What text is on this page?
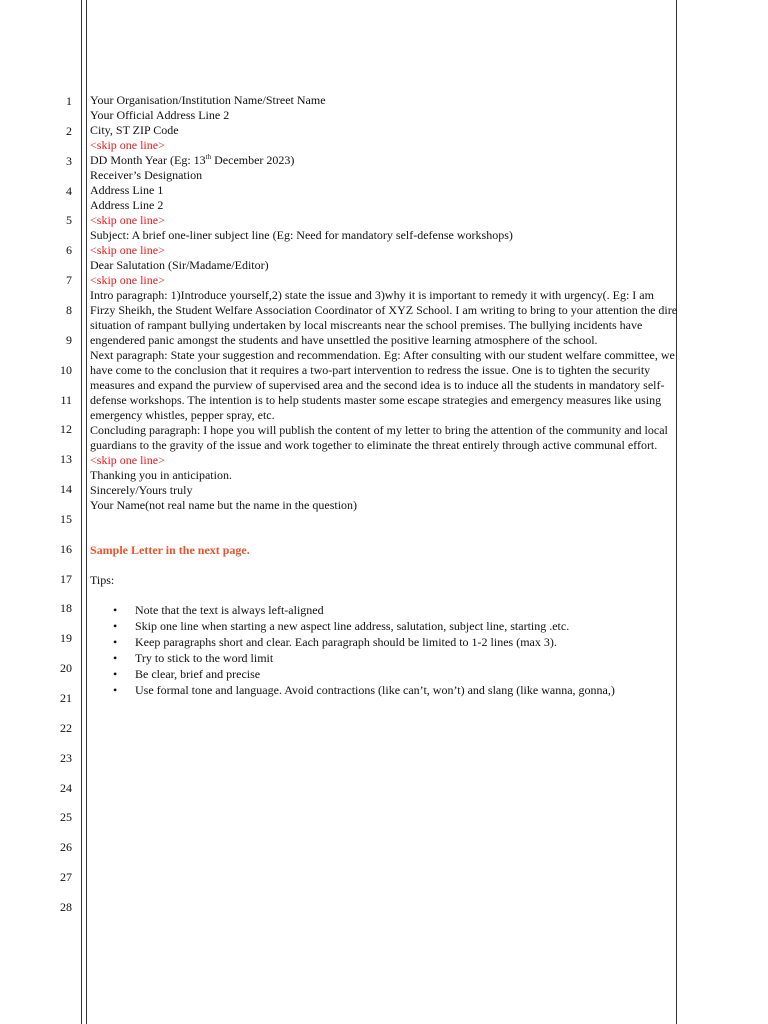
1
2
3
4
5
6
7
8
9
10
11
12
13
14
15
16
17
18
19
20
21
22
23
24
25
26
27
28

Your Organisation/Institution Name/Street Name

Your Official Address Line 2

City, ST ZIP Code

<skip one line>

DD Month Year (Eg: 13th December 2023)

Receiver’s Designation

Address Line 1

Address Line 2

<skip one line>

Subject: A brief one-liner subject line (Eg: Need for mandatory self-defense workshops)

<skip one line>

Dear Salutation (Sir/Madame/Editor)

<skip one line>

Intro paragraph: 1)Introduce yourself,2) state the issue and 3)why it is important to remedy it with urgency(. Eg: I am Firzy Sheikh, the Student Welfare Association Coordinator of XYZ School. I am writing to bring to your attention the dire situation of rampant bullying undertaken by local miscreants near the school premises. The bullying incidents have engendered panic amongst the students and have unsettled the positive learning atmosphere of the school.

Next paragraph: State your suggestion and recommendation. Eg: After consulting with our student welfare committee, we have come to the conclusion that it requires a two-part intervention to redress the issue. One is to tighten the security measures and expand the purview of supervised area and the second idea is to induce all the students in mandatory self-defense workshops. The intention is to help students master some escape strategies and emergency measures like using emergency whistles, pepper spray, etc.

Concluding paragraph: I hope you will publish the content of my letter to bring the attention of the community and local guardians to the gravity of the issue and work together to eliminate the threat entirely through active communal effort.

<skip one line>

Thanking you in anticipation.

Sincerely/Yours truly

Your Name(not real name but the name in the question)

Sample Letter in the next page.

Tips:

• Note that the text is always left-aligned
• Skip one line when starting a new aspect line address, salutation, subject line, starting .etc.
• Keep paragraphs short and clear. Each paragraph should be limited to 1-2 lines (max 3).
• Try to stick to the word limit
• Be clear, brief and precise
• Use formal tone and language. Avoid contractions (like can’t, won’t) and slang (like wanna, gonna,)
